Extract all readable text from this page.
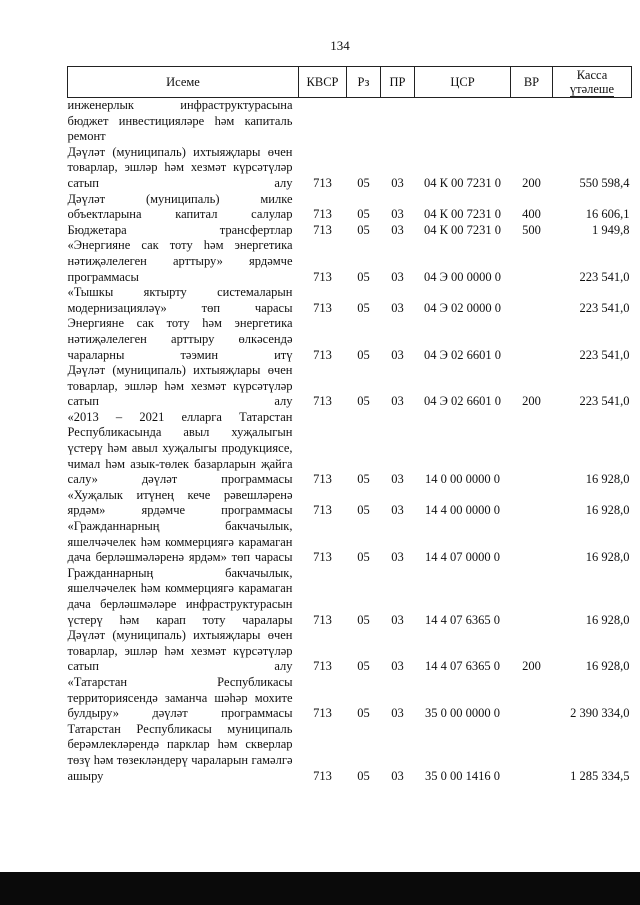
134
Исеме	КВСР	Рз	ПР	ЦСР	ВР	Касса
үтәлеше
инженерлык инфраструктурасына бюджет инвестицияләре һәм капиталь ремонт						
Дәүләт (муниципаль) ихтыяҗлары өчен товарлар, эшләр һәм хезмәт күрсәтүләр сатып алу	713	05	03	04 К 00 7231 0	200	550 598,4
Дәүләт (муниципаль) милке объектларына капитал салулар	713	05	03	04 К 00 7231 0	400	16 606,1
Бюджетара трансфертлар	713	05	03	04 К 00 7231 0	500	1 949,8
«Энергияне сак тоту һәм энергетика нәтиҗәлелеген арттыру» ярдәмче программасы	713	05	03	04 Э 00 0000 0		223 541,0
«Тышкы яктырту системаларын модернизацияләү» төп чарасы	713	05	03	04 Э 02 0000 0		223 541,0
Энергияне сак тоту һәм энергетика нәтиҗәлелеген арттыру өлкәсендә чараларны тәэмин итү	713	05	03	04 Э 02 6601 0		223 541,0
Дәүләт (муниципаль) ихтыяҗлары өчен товарлар, эшләр һәм хезмәт күрсәтүләр сатып алу	713	05	03	04 Э 02 6601 0	200	223 541,0
«2013 – 2021 елларга Татарстан Республикасында авыл хуҗалыгын үстерү һәм авыл хуҗалыгы продукциясе, чимал һәм азык-төлек базарларын җайга салу» дәүләт программасы	713	05	03	14 0 00 0000 0		16 928,0
«Хуҗалык итүнең кече рәвешләренә ярдәм» ярдәмче программасы	713	05	03	14 4 00 0000 0		16 928,0
«Гражданнарның бакчачылык, яшелчәчелек һәм коммерциягә карамаган дача берләшмәләренә ярдәм» төп чарасы	713	05	03	14 4 07 0000 0		16 928,0
Гражданнарның бакчачылык, яшелчәчелек һәм коммерциягә карамаган дача берләшмәләре инфраструктурасын үстерү һәм карап тоту чаралары	713	05	03	14 4 07 6365 0		16 928,0
Дәүләт (муниципаль) ихтыяҗлары өчен товарлар, эшләр һәм хезмәт күрсәтүләр сатып алу	713	05	03	14 4 07 6365 0	200	16 928,0
«Татарстан Республикасы территориясендә заманча шәһәр мохите булдыру» дәүләт программасы	713	05	03	35 0 00 0000 0		2 390 334,0
Татарстан Республикасы муниципаль берәмлекләрендә парклар һәм скверлар төзү һәм төзекләндерү чараларын гамәлгә ашыру	713	05	03	35 0 00 1416 0		1 285 334,5
